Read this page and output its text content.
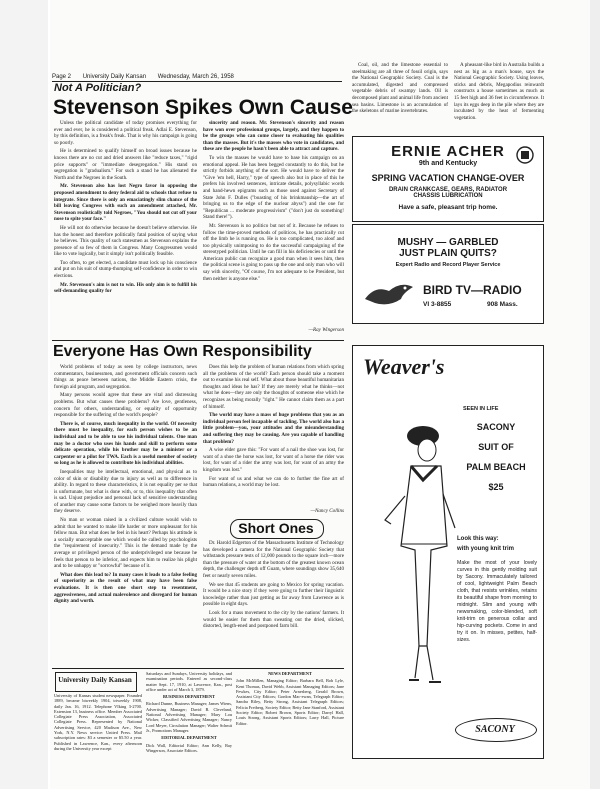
Page 2 University Daily Kansan Wednesday, March 26, 1958
Not A Politician?
Stevenson Spikes Own Cause

Unless the political candidate of today promises everything for ever and ever, he is considered a political freak. Adlai E. Stevenson, by this definition, is a freak's freak. That is why his campaign is going so poorly.

He is determined to qualify himself on broad issues because he knows there are no cut and dried answers like "reduce taxes," "rigid price supports" or "immediate desegregation." His stand on segregation is "gradualism." For such a stand he has alienated the North and the Negroes in the South.

Mr. Stevenson also has lost Negro favor in opposing the proposed amendment to deny federal aid to schools that refuse to integrate. Since there is only an emaciatingly slim chance of the bill leaving Congress with such an amendment attached, Mr. Stevenson realistically told Negroes, "You should not cut off your nose to spite your face."

He will not do otherwise because he doesn't believe otherwise. He has the honest and therefore politically fatal position of saying what he believes. This quality of such statesmen as Stevenson explains the presence of so few of them in Congress. Many Congressmen would like to vote logically, but it simply isn't politically feasible.

Too often, to get elected, a candidate must lock up his conscience and put on his suit of stump-thumping self-confidence in order to win elections.

Mr. Stevenson's aim is not to win. His only aim is to fulfill his self-demanding quality for

sincerity and reason. Mr. Stevenson's sincerity and reason have won over professional groups, largely, and they happen to be the groups who can come closer to evaluating his qualities than the masses. But it's the masses who vote in candidates, and these are the people he hasn't been able to attract and capture.

To win the masses he would have to base his campaign on an emotional appeal. He has been begged constantly to do this, but he strictly forbids anything of the sort. He would have to deliver the "Give 'em hell, Harry," type of speech also but in place of this he prefers his involved sentences, intricate details, polysyllabic words and hand-hewn epigrams such as those used against Secretary of State John F. Dulles ("boasting of his brinkmanship—the art of bringing us to the edge of the nuclear abyss") and the one for "Republican ... moderate progressivism" ("don't just do something! Stand there!").

Mr. Stevenson is no politico but not of it. Because he refuses to follow the time-proved methods of politicos, he has practically cut off the limb he is running on. He is too complicated, too aloof and too physically unimposing to do the successful campaigning of the stereotyped politician. Until he can fill in his deficiencies or until the American public can recognize a good man when it sees him, then the political scene is going to pass up the one and only man who will say with sincerity, "Of course, I'm not adequate to be President, but then neither is anyone else."

—Ray Wingerson

Coal, oil, and the limestone essential to steelmaking are all three of fossil origin, says the National Geographic Society. Coal is the accumulated, digested and compressed vegetable debris of swampy lands. Oil is decomposed plant and animal life from ancient sea basins. Limestone is an accumulation of the skeletons of marine invertebrates.

A pheasant-like bird in Australia builds a nest as big as a man's house, says the National Geographic Society. Using leaves, sticks and debris, Megapodius reinwardt constructs a house sometimes as much as 15 feet high and 36 feet in circumference. It lays its eggs deep in the pile where they are incubated by the heat of fermenting vegetation.

ERNIE ACHER
9th and Kentucky
SPRING VACATION CHANGE-OVER
DRAIN CRANKCASE, GEARS, RADIATOR
CHASSIS LUBRICATION
Have a safe, pleasant trip home.
MUSHY — GARBLED
JUST PLAIN QUITS?
Expert Radio and Record Player Service
BIRD TV—RADIO
VI 3-8855	908 Mass.
Weaver's
SEEN IN LIFE
SACONY
SUIT OF
PALM BEACH
$25
Look this way:
with young knit trim

Make the most of your lovely curves in this gently molding suit by Sacony. Immaculately tailored of cool, lightweight Palm Beach cloth, that resists wrinkles, retains its beautiful shape from morning to midnight. Slim and young with newsmaking, color-blended, soft knit-trim on generous collar and hip-curving pockets. Come in and try it on. In misses, petites, half-sizes.

SACONY
Everyone Has Own Responsibility

World problems of today as seen by college instructors, news commentators, businessmen, and government officials concern such things as peace between nations, the Middle Eastern crisis, the foreign aid program, and segregation.

Many persons would agree that these are vital and distressing problems. But what causes these problems? Are love, gentleness, concern for others, understanding, or equality of opportunity responsible for the suffering of the world's people?

There is, of course, much inequality in the world. Of necessity there must be inequality, for each person wishes to be an individual and to be able to use his individual talents. One man may be a doctor who uses his hands and skill to perform some delicate operation, while his brother may be a minister or a carpenter or a pilot for TWA. Each is a useful member of society so long as he is allowed to contribute his individual abilities.

Inequalities may be intellectual, emotional, and physical as to color of skin or disability due to injury as well as to difference in ability. In regard to these characteristics, it is not equality per se that is unfortunate, but what is done with, or to, this inequality that often is sad. Unjust prejudice and personal lack of sensitive understanding of another may cause some factors to be weighed more heavily than they deserve.

No man or woman raised in a civilized culture would wish to admit that he wanted to make life harder or more unpleasant for his fellow man. But what does he feel in his heart? Perhaps his attitude is a socially unacceptable one which would be called by psychologists the "requirement of insecurity." This is the demand made by the average or privileged person of the underprivileged one because he feels that person to be inferior, and expects him to realize his plight and to be unhappy or "sorrowful" because of it.

What does this lead to? In many cases it leads to a false feeling of superiority as the result of what may have been false evaluations. It is then one short step to resentment, aggressiveness, and actual malevolence and disregard for human dignity and worth.

Does this help the problem of human relations from which spring all the problems of the world? Each person should take a moment out to examine his real self. What about those beautiful humanitarian thoughts and ideas he has? If they are merely what he thinks—not what he does—they are only the thoughts of someone else which he recognizes as being morally "right." He cannot claim them as a part of himself.

The world may have a mass of huge problems that you as an individual person feel incapable of tackling. The world also has a little problem—you, your attitudes and the misunderstanding and suffering they may be causing. Are you capable of handling that problem?

A wise elder gave this: "For want of a nail the shoe was lost, for want of a shoe the horse was lost, for want of a horse the rider was lost, for want of a rider the army was lost, for want of an army the kingdom was lost."

For want of us and what we can do to further the fine art of human relations, a world may be lost.

—Nancy Collins
Short Ones

Dr. Harold Edgerton of the Massachusetts Institute of Technology has developed a camera for the National Geographic Society that withstands pressure tests of 12,000 pounds to the square inch—more than the pressure of water at the bottom of the greatest known ocean depth, the challenger depth off Guam, where soundings show 35,640 feet or nearly seven miles.

We see that 45 students are going to Mexico for spring vacation. It would be a nice story if they were going to further their linguistic knowledge rather than just getting as far away from Lawrence as is possible in eight days.

Look for a mass movement to the city by the nations' farmers. It would be easier for them than sweating out the dried, slicked, distorted, length-ened and postponed farm bill.

University Daily Kansan

University of Kansas student newspaper. Founded 1889, became biweekly 1904, triweekly 1908, daily Jan. 16, 1912. Telephone VIking 3-2700. Extension 13, business office. Member Associated Collegiate Press Association, Associated Collegiate Press. Represented by National Advertising Service, 420 Madison Ave., New York, N.Y. News service: United Press. Mail subscription rates: $3 a semester or $5.50 a year. Published in Lawrence, Kan., every afternoon during the University year except

Saturdays and Sundays, University holidays, and examination periods. Entered as second-class matter Sept. 17, 1910, at Lawrence, Kan., post office under act of March 3, 1879.

BUSINESS DEPARTMENT

Richard Dunne, Business Manager; James Wiens, Advertising Manager; David B. Cleveland, National Advertising Manager; Mary Lou Wicker, Classified Advertising Manager; Nancy Lord Meyer, Circulation Manager; Walter Schmit Jr., Promotions Manager.

EDITORIAL DEPARTMENT

Dick Wall, Editorial Editor; Ann Kelly, Ray Wingerson, Associate Editors.

NEWS DEPARTMENT

John McMillen, Managing Editor; Barbara Bell, Bob Lyle, Kent Thomas, David Webb, Assistant Managing Editors; Jane Fewkes, City Editor; Peter Arnesberg, Gerald Brown, Assistant City Editors; Gordon Mac-ewan, Telegraph Editor; Sandra Riley, Betty Strong, Assistant Telegraph Editors; Felicia Freiberg, Society Editor; Betty Jane Stanford, Assistant Society Editor; Robert Brown, Sports Editor; Darryl Hall, Louis Strong, Assistant Sports Editors; Larry Hall, Picture Editor.
